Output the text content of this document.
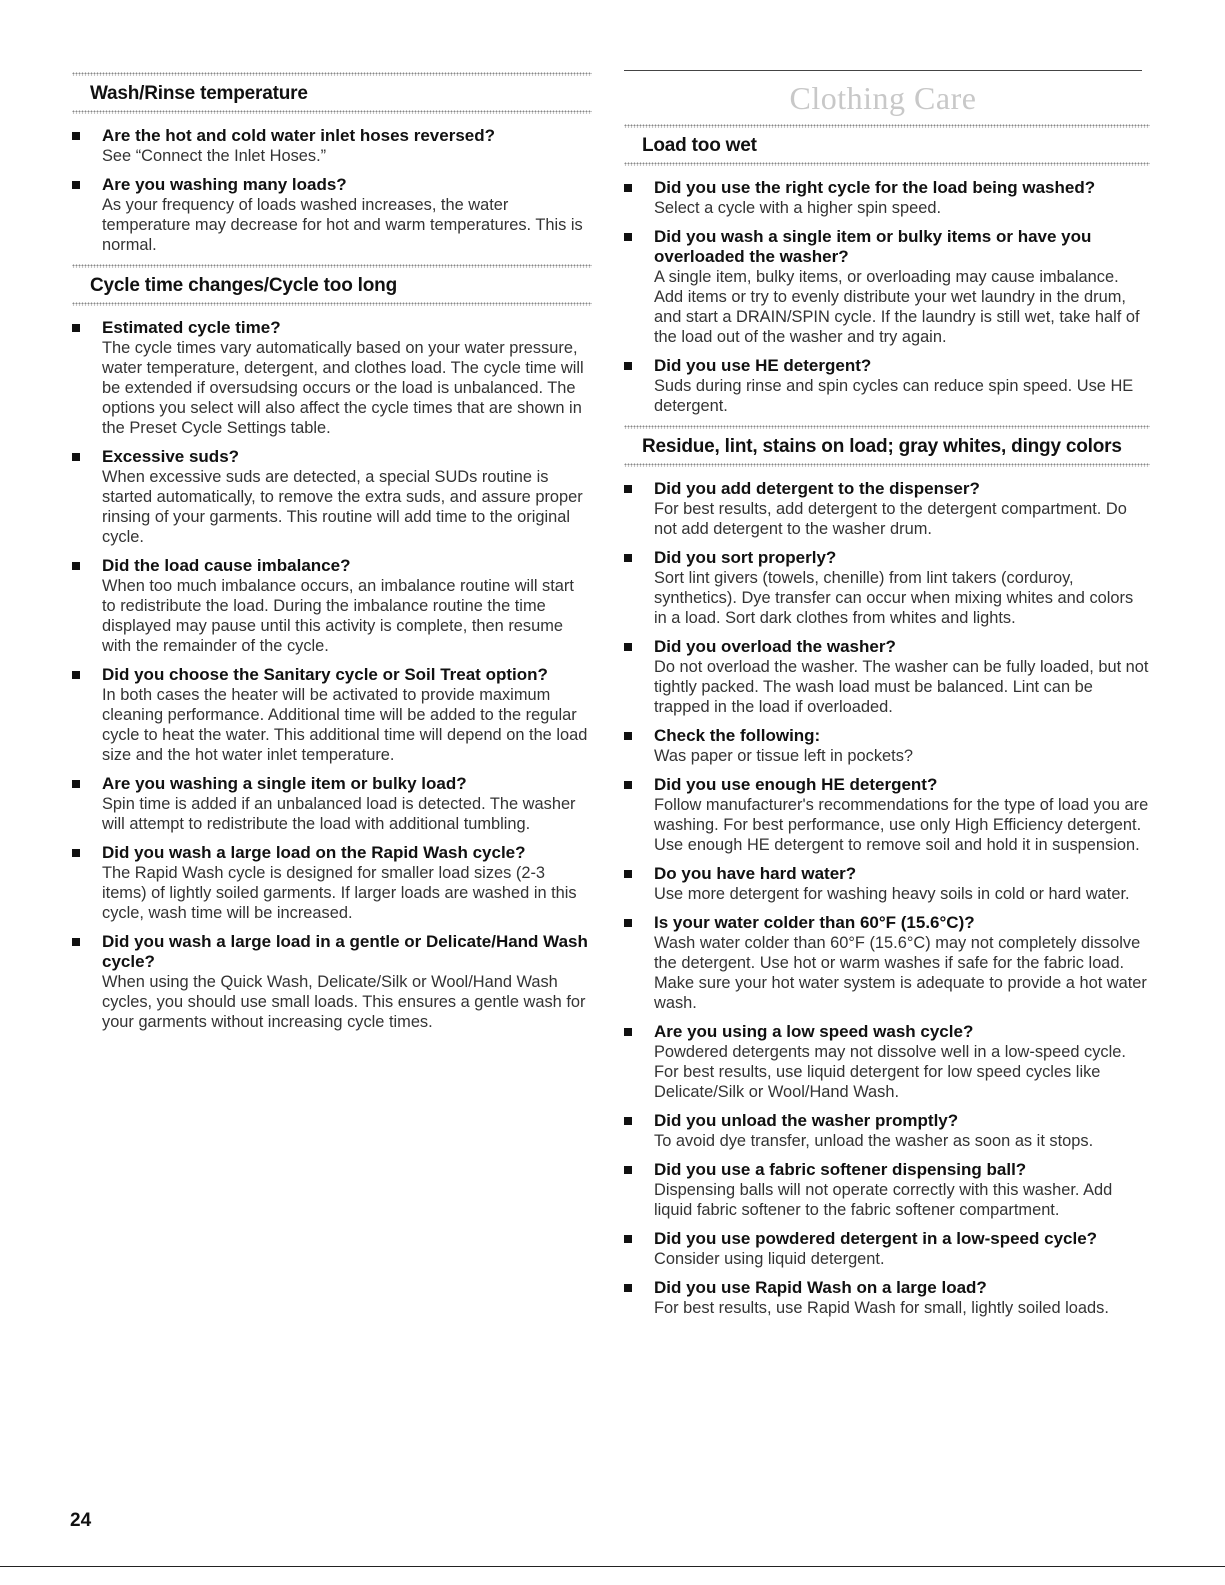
Clothing Care
Wash/Rinse temperature
Are the hot and cold water inlet hoses reversed?
See “Connect the Inlet Hoses.”
Are you washing many loads?
As your frequency of loads washed increases, the water temperature may decrease for hot and warm temperatures. This is normal.
Cycle time changes/Cycle too long
Estimated cycle time?
The cycle times vary automatically based on your water pressure, water temperature, detergent, and clothes load. The cycle time will be extended if oversudsing occurs or the load is unbalanced. The options you select will also affect the cycle times that are shown in the Preset Cycle Settings table.
Excessive suds?
When excessive suds are detected, a special SUDs routine is started automatically, to remove the extra suds, and assure proper rinsing of your garments. This routine will add time to the original cycle.
Did the load cause imbalance?
When too much imbalance occurs, an imbalance routine will start to redistribute the load. During the imbalance routine the time displayed may pause until this activity is complete, then resume with the remainder of the cycle.
Did you choose the Sanitary cycle or Soil Treat option?
In both cases the heater will be activated to provide maximum cleaning performance. Additional time will be added to the regular cycle to heat the water. This additional time will depend on the load size and the hot water inlet temperature.
Are you washing a single item or bulky load?
Spin time is added if an unbalanced load is detected. The washer will attempt to redistribute the load with additional tumbling.
Did you wash a large load on the Rapid Wash cycle?
The Rapid Wash cycle is designed for smaller load sizes (2-3 items) of lightly soiled garments. If larger loads are washed in this cycle, wash time will be increased.
Did you wash a large load in a gentle or Delicate/Hand Wash cycle?
When using the Quick Wash, Delicate/Silk or Wool/Hand Wash cycles, you should use small loads. This ensures a gentle wash for your garments without increasing cycle times.
Load too wet
Did you use the right cycle for the load being washed?
Select a cycle with a higher spin speed.
Did you wash a single item or bulky items or have you overloaded the washer?
A single item, bulky items, or overloading may cause imbalance. Add items or try to evenly distribute your wet laundry in the drum, and start a DRAIN/SPIN cycle. If the laundry is still wet, take half of the load out of the washer and try again.
Did you use HE detergent?
Suds during rinse and spin cycles can reduce spin speed. Use HE detergent.
Residue, lint, stains on load; gray whites, dingy colors
Did you add detergent to the dispenser?
For best results, add detergent to the detergent compartment. Do not add detergent to the washer drum.
Did you sort properly?
Sort lint givers (towels, chenille) from lint takers (corduroy, synthetics). Dye transfer can occur when mixing whites and colors in a load. Sort dark clothes from whites and lights.
Did you overload the washer?
Do not overload the washer. The washer can be fully loaded, but not tightly packed. The wash load must be balanced. Lint can be trapped in the load if overloaded.
Check the following:
Was paper or tissue left in pockets?
Did you use enough HE detergent?
Follow manufacturer's recommendations for the type of load you are washing. For best performance, use only High Efficiency detergent. Use enough HE detergent to remove soil and hold it in suspension.
Do you have hard water?
Use more detergent for washing heavy soils in cold or hard water.
Is your water colder than 60°F (15.6°C)?
Wash water colder than 60°F (15.6°C) may not completely dissolve the detergent. Use hot or warm washes if safe for the fabric load. Make sure your hot water system is adequate to provide a hot water wash.
Are you using a low speed wash cycle?
Powdered detergents may not dissolve well in a low-speed cycle. For best results, use liquid detergent for low speed cycles like Delicate/Silk or Wool/Hand Wash.
Did you unload the washer promptly?
To avoid dye transfer, unload the washer as soon as it stops.
Did you use a fabric softener dispensing ball?
Dispensing balls will not operate correctly with this washer. Add liquid fabric softener to the fabric softener compartment.
Did you use powdered detergent in a low-speed cycle?
Consider using liquid detergent.
Did you use Rapid Wash on a large load?
For best results, use Rapid Wash for small, lightly soiled loads.
24
